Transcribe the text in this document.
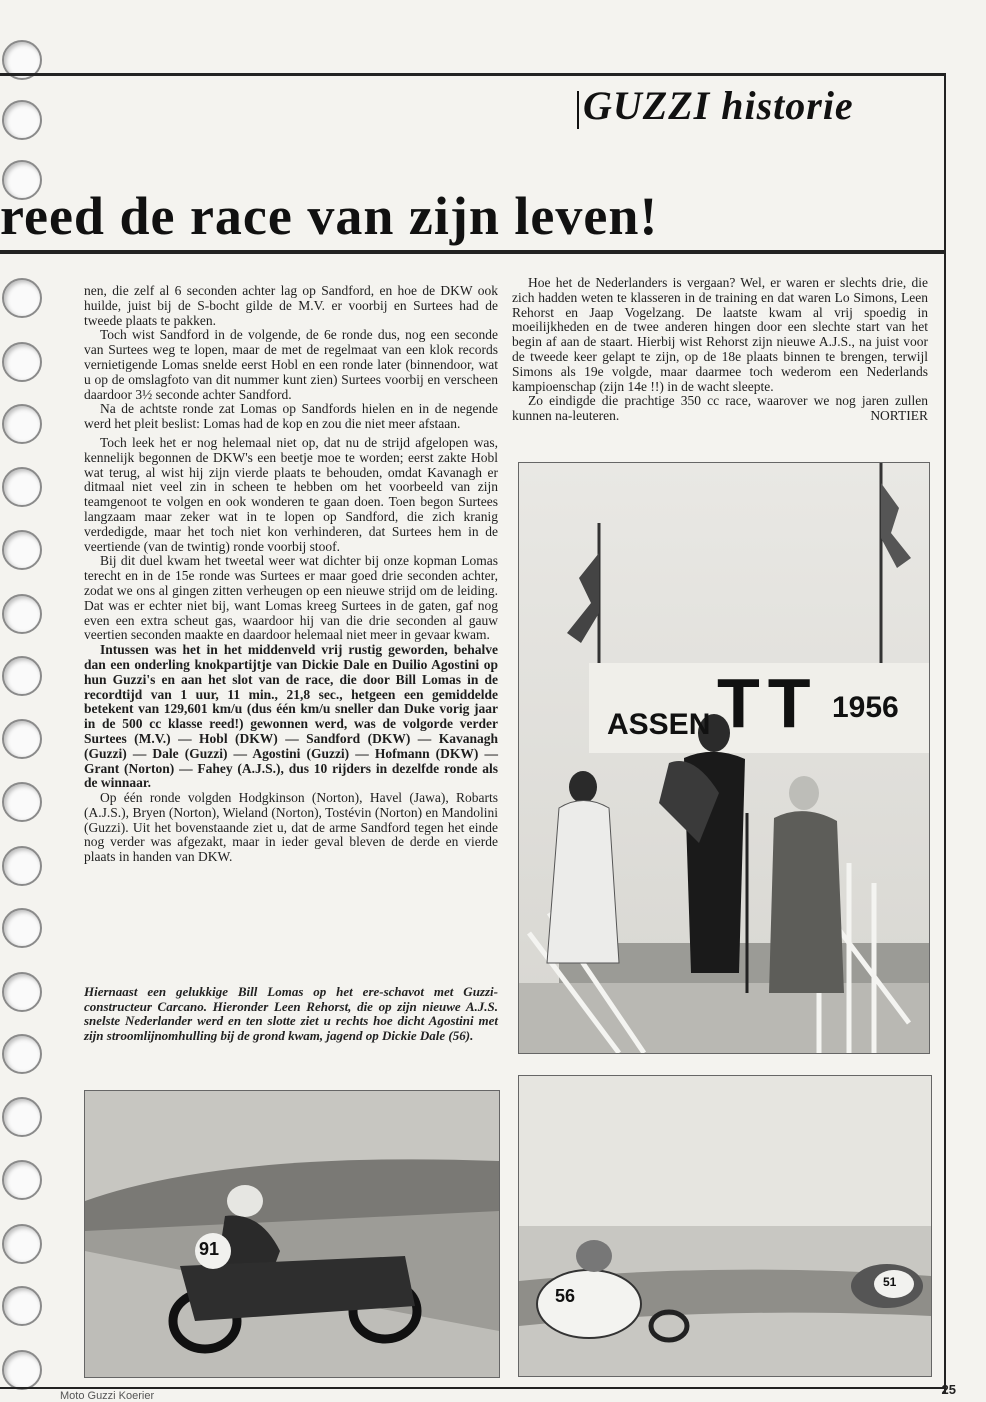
GUZZI historie
reed de race van zijn leven!

nen, die zelf al 6 seconden achter lag op Sandford, en hoe de DKW ook huilde, juist bij de S-bocht gilde de M.V. er voorbij en Surtees had de tweede plaats te pakken.

Toch wist Sandford in de volgende, de 6e ronde dus, nog een seconde van Surtees weg te lopen, maar de met de regelmaat van een klok records vernietigende Lomas snelde eerst Hobl en een ronde later (binnendoor, wat u op de omslagfoto van dit nummer kunt zien) Surtees voorbij en verscheen daardoor 3½ seconde achter Sandford.

Na de achtste ronde zat Lomas op Sandfords hielen en in de negende werd het pleit beslist: Lomas had de kop en zou die niet meer afstaan.

Toch leek het er nog helemaal niet op, dat nu de strijd afgelopen was, kennelijk begonnen de DKW's een beetje moe te worden; eerst zakte Hobl wat terug, al wist hij zijn vierde plaats te behouden, omdat Kavanagh er ditmaal niet veel zin in scheen te hebben om het voorbeeld van zijn teamgenoot te volgen en ook wonderen te gaan doen. Toen begon Surtees langzaam maar zeker wat in te lopen op Sandford, die zich kranig verdedigde, maar het toch niet kon verhinderen, dat Surtees hem in de veertiende (van de twintig) ronde voorbij stoof.

Bij dit duel kwam het tweetal weer wat dichter bij onze kopman Lomas terecht en in de 15e ronde was Surtees er maar goed drie seconden achter, zodat we ons al gingen zitten verheugen op een nieuwe strijd om de leiding. Dat was er echter niet bij, want Lomas kreeg Surtees in de gaten, gaf nog even een extra scheut gas, waardoor hij van die drie seconden al gauw veertien seconden maakte en daardoor helemaal niet meer in gevaar kwam.

Intussen was het in het middenveld vrij rustig geworden, behalve dan een onderling knokpartijtje van Dickie Dale en Duilio Agostini op hun Guzzi's en aan het slot van de race, die door Bill Lomas in de recordtijd van 1 uur, 11 min., 21,8 sec., hetgeen een gemiddelde betekent van 129,601 km/u (dus één km/u sneller dan Duke vorig jaar in de 500 cc klasse reed!) gewonnen werd, was de volgorde verder Surtees (M.V.) — Hobl (DKW) — Sandford (DKW) — Kavanagh (Guzzi) — Dale (Guzzi) — Agostini (Guzzi) — Hofmann (DKW) — Grant (Norton) — Fahey (A.J.S.), dus 10 rijders in dezelfde ronde als de winnaar.

Op één ronde volgden Hodgkinson (Norton), Havel (Jawa), Robarts (A.J.S.), Bryen (Norton), Wieland (Norton), Tostévin (Norton) en Mandolini (Guzzi). Uit het bovenstaande ziet u, dat de arme Sandford tegen het einde nog verder was afgezakt, maar in ieder geval bleven de derde en vierde plaats in handen van DKW.

Hoe het de Nederlanders is vergaan? Wel, er waren er slechts drie, die zich hadden weten te klasseren in de training en dat waren Lo Simons, Leen Rehorst en Jaap Vogelzang. De laatste kwam al vrij spoedig in moeilijkheden en de twee anderen hingen door een slechte start van het begin af aan de staart. Hierbij wist Rehorst zijn nieuwe A.J.S., na juist voor de tweede keer gelapt te zijn, op de 18e plaats binnen te brengen, terwijl Simons als 19e volgde, maar daarmee toch wederom een Nederlands kampioenschap (zijn 14e !!) in de wacht sleepte.

Zo eindigde die prachtige 350 cc race, waarover we nog jaren zullen kunnen na-leuteren.	NORTIER

Hiernaast een gelukkige Bill Lomas op het ere-schavot met Guzzi-constructeur Carcano. Hieronder Leen Rehorst, die op zijn nieuwe A.J.S. snelste Nederlander werd en ten slotte ziet u rechts hoe dicht Agostini met zijn stroomlijnomhulling bij de grond kwam, jagend op Dickie Dale (56).
ASSEN TT 1956
91
56
51
25
Moto Guzzi Koerier
